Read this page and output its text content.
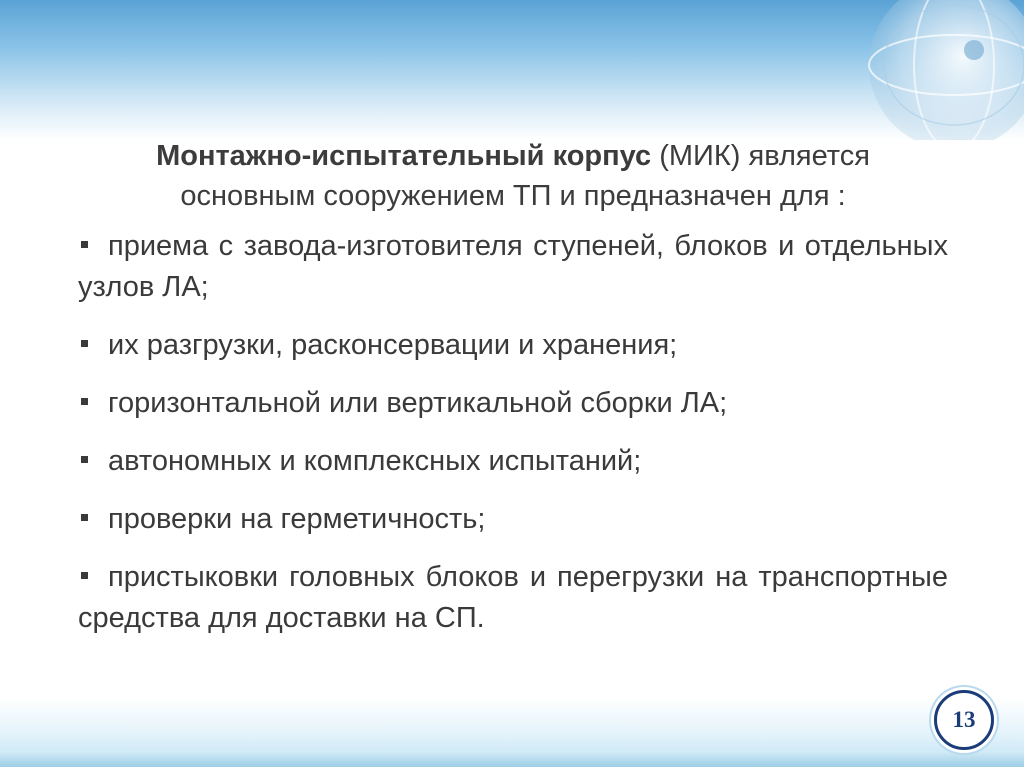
Монтажно-испытательный корпус (МИК) является
основным сооружением ТП и предназначен для :
приема с завода-изготовителя ступеней, блоков и отдельных узлов ЛА;
их разгрузки, расконсервации и хранения;
горизонтальной или вертикальной сборки ЛА;
автономных и комплексных испытаний;
проверки на герметичность;
пристыковки головных блоков и перегрузки на транспортные средства для доставки на СП.
13
